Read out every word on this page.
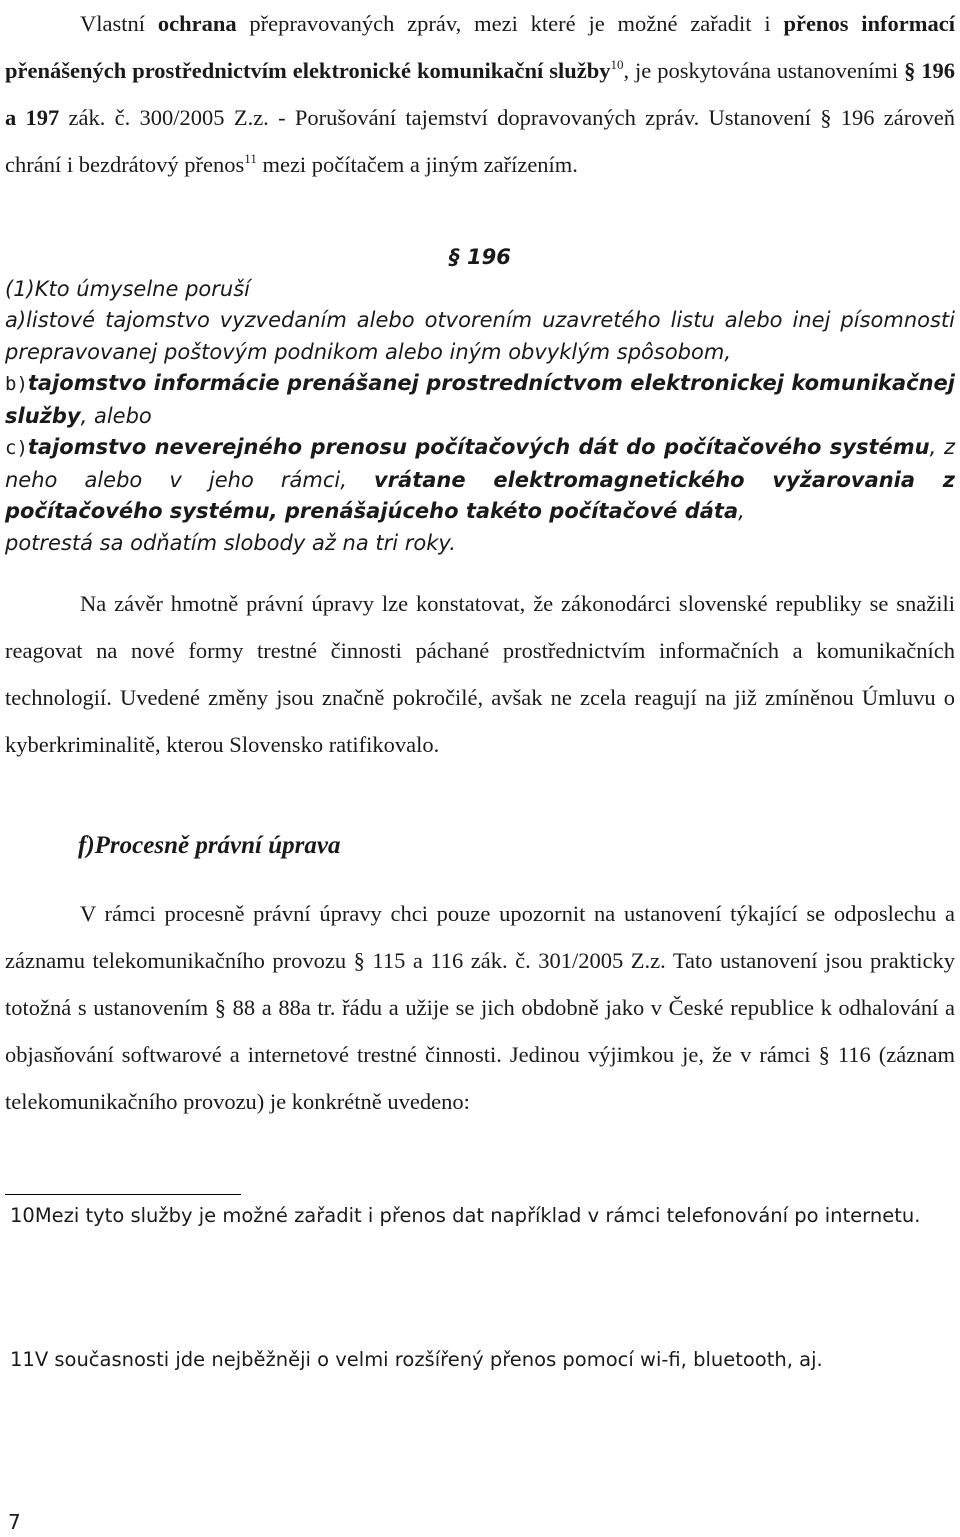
Vlastní ochrana přepravovaných zpráv, mezi které je možné zařadit i přenos informací přenášených prostřednictvím elektronické komunikační služby$^{10}$, je poskytována ustanoveními § 196 a 197 zák. č. 300/2005 Z.z. - Porušování tajemství dopravovaných zpráv. Ustanovení § 196 zároveň chrání i bezdrátový přenos$^{11}$ mezi počítačem a jiným zařízením.

§ 196
(1)Kto úmyselne poruší
a)listové tajomstvo vyzvedaním alebo otvorením uzavretého listu alebo inej písomnosti prepravovanej poštovým podnikom alebo iným obvyklým spôsobom,
b)tajomstvo informácie prenášanej prostredníctvom elektronickej komunikačnej služby, alebo
c)tajomstvo neverejného prenosu počítačových dát do počítačového systému, z neho alebo v jeho rámci, vrátane elektromagnetického vyžarovania z počítačového systému, prenášajúceho takéto počítačové dáta,
potrestá sa odňatím slobody až na tri roky.

Na závěr hmotně právní úpravy lze konstatovat, že zákonodárci slovenské republiky se snažili reagovat na nové formy trestné činnosti páchané prostřednictvím informačních a komunikačních technologií. Uvedené změny jsou značně pokročilé, avšak ne zcela reagují na již zmíněnou Úmluvu o kyberkriminalitě, kterou Slovensko ratifikovalo.

f)Procesně právní úprava

V rámci procesně právní úpravy chci pouze upozornit na ustanovení týkající se odposlechu a záznamu telekomunikačního provozu § 115 a 116 zák. č. 301/2005 Z.z. Tato ustanovení jsou prakticky totožná s ustanovením § 88 a 88a tr. řádu a užije se jich obdobně jako v České republice k odhalování a objasňování softwarové a internetové trestné činnosti. Jedinou výjimkou je, že v rámci § 116 (záznam telekomunikačního provozu) je konkrétně uvedeno:

10Mezi tyto služby je možné zařadit i přenos dat například v rámci telefonování po internetu.

11V současnosti jde nejběžněji o velmi rozšířený přenos pomocí wi-fi, bluetooth, aj.

7
